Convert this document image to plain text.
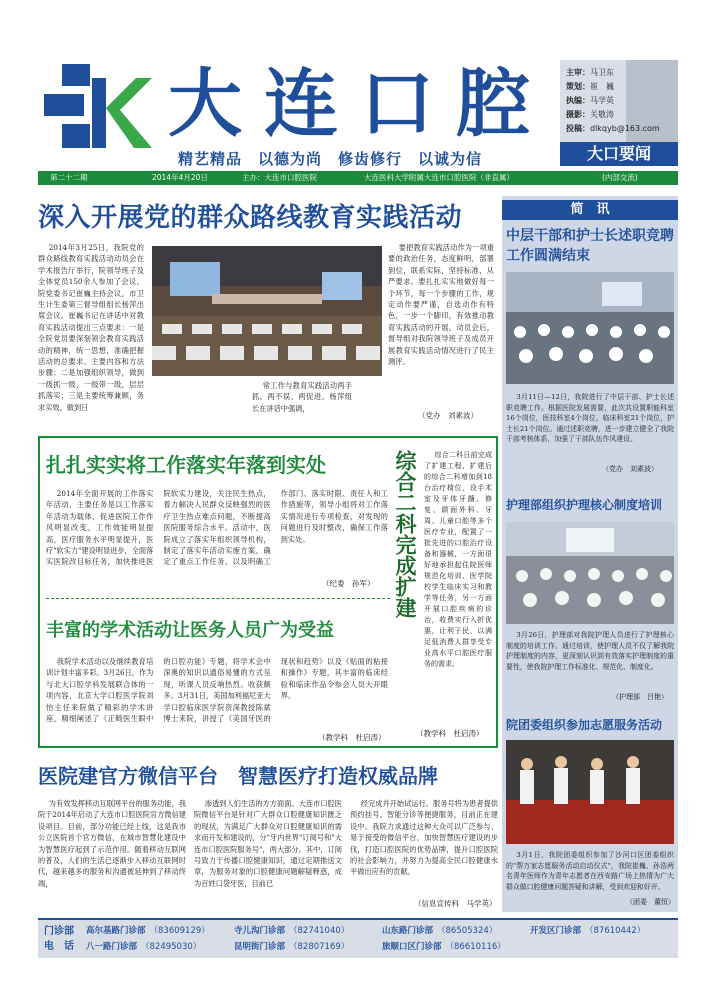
大连口腔
精艺精品　以德为尚　修齿修行　以诚为信
主审：马卫东
策划：崔　巍
执编：马学英
摄影：关敬涛
投稿：dlkqyb@163.com
大口要闻
第二十二期	2014年4月20日	主办：大连市口腔医院	大连医科大学附属大连市口腔医院（非直属）	(内部交流)
深入开展党的群众路线教育实践活动
2014年3月25日，我院党的群众路线教育实践活动动员会在学术报告厅举行，院领导班子及全体党员150余人参加了会议，院党委书记崔巍主持会议，市卫生计生委第三督导组组长杨萍出席会议。崔巍书记在讲话中对教育实践活动提出三点要求：一是全院党员要深刻领会教育实践活动的精神，统一思想，准确把握活动的总要求、主要内容和方法步骤；二是加强组织领导，做到一级抓一级，一级带一级，层层抓落实；三是主要统筹兼顾，务求实效，做到日
常工作与教育实践活动两手抓、两不误、两促进。杨萍组长在讲话中强调，
要把教育实践活动作为一项重要的政治任务，态度鲜明，部署到位，联系实际，坚持标准，从严要求。要扎扎实实地做好每一个环节，每一个步骤的工作，规定动作要严谨，自选动作有特色，一步一个脚印，有效推动教育实践活动的开展。动员会后，督导组对我院领导班子及成员开展教育实践活动情况进行了民主测评。
（党办　刘素波）
扎扎实实将工作落实年落到实处
2014年全面开展的工作落实年活动，主要任务是以工作落实年活动为载体，促进医院工作作风明显改变，工作效能明显提高，医疗服务水平明显提升，医疗"软实力"建设明显进步，全面落实医院改目标任务，加快推进医院软实力建设，关注民生热点，着力解决人民群众反映强烈的医疗卫生热点难点问题，不断提高医院服务综合水平。活动中，医院成立了落实年组织领导机构，制定了落实年活动实施方案，确定了重点工作任务，以及明确工作部门、落实时限、责任人和工作措施等，领导小组将对工作落实情况进行专项检查，对发现的问题进行及时整改，确保工作落到实处。
（纪委　孙军）
丰富的学术活动让医务人员广为受益
我院学术活动以及继续教育培训计划丰富多彩。3月26日，作为与北大口腔学科发展联合体的一项内容，北京大学口腔医学院刘怡主任来院做了精彩的学术讲座，精细阐述了《正畸医生眼中的口腔功能》专题，将学术会中深奥的知识以通俗易懂的方式呈现，听课人员反响热烈。收获颇多。3月31日，美国加利福尼亚大学口腔临床医学院资深教授陈斌博士来院，讲授了《美国牙医的现状和趋势》以及《贴面的粘接和操作》专题，其丰富的临床经验和临床作品令参会人员大开眼界。
（教学科　杜启涛）
综合二科完成扩建	综合二科日前完成了扩建工程，扩建后的综合二科增加到18台治疗椅位，设手术室及牙体牙髓、修复、颌面外科、牙周、儿童口腔等多个医疗专业，配置了一批先进的口腔治疗设备和器械，一方面很好地承担起住院医师规范化培训、医学院校学生临床实习和教学等任务，另一方面开展口腔疾病的诊治，收费实行入折优惠，让利于民，以满足低消费人群享受专业高水平口腔医疗服务的需求。
（教学科　杜启涛）
医院建官方微信平台　智慧医疗打造权威品牌
为有效发挥移动互联网平台的服务功能，我院于2014年启动了大连市口腔医院官方微信建设项目。目前，部分功能已经上线，这是我市公立医院首个官方微信，在城市智慧化建设中为智慧医疗起到了示范作用。随着移动互联网的普及，人们的生活已逐渐步入移动互联网时代，越来越多的服务和沟通被延伸到了移动终端，
渗透到人们生活的方方面面。大连市口腔医院微信平台是针对广大群众口腔健康知识匮乏的现状，为满足广大群众对口腔健康知识的需求而开发和建设的，分"牙内世界"订阅号和"大连市口腔医院服务号"，两大部分。其中，订阅号致力于传播口腔健康知识，通过定期推送文章，为服务对象的口腔健康问题解疑释惑，成为百姓口袋牙医，目前已
经完成并开始试运行。服务号将为患者提供预约挂号、智能分诊等便捷服务，目前正在建设中。我院力求通过这种大众可以广泛参与、易于接受的微信平台，加快智慧医疗建设的步伐，打造口腔医院的优势品牌，提升口腔医院的社会影响力，并努力为提高全民口腔健康水平做出应有的贡献。
（信息宣传科　马学英）
简　讯
中层干部和护士长述职竞聘工作圆满结束
3月11日—12日，我院进行了中层干部、护士长述职竞聘工作。根据医院发展需要，此次共设置职能科室16个岗位，医技科室4个岗位，临床科室21个岗位，护士长21个岗位。通过述职竞聘，进一步建立健全了我院干部考核体系，加强了干部队伍作风建设。
（党办　刘素波）
护理部组织护理核心制度培训
3月26日，护理部对我院护理人员进行了护理核心制度的培训工作。通过培训，使护理人员不仅了解我院护理制度的内容，更深刻认识到有效落实护理制度的重要性，使我院护理工作标准化、规范化、制度化。
（护理部　吕艳）
院团委组织参加志愿服务活动
3月1日，我院团委组织参加了沙河口区团委组织的"帮万家志愿服务活动启动仪式"，我院崔巍、孙浩两名青年医师作为青年志愿者在西安路广场上热情为广大群众做口腔健康问题答疑和讲解，受到欢迎和好评。
（团委　董恒）
门诊部
电　话
高尔基路门诊部 （83609129）	寺儿沟门诊部 （82741040）	山东路门诊部 （86505324）	开发区门诊部 （87610442）
八一路门诊部 （82495030）	昆明街门诊部 （82807169）	旅顺口区门诊部 （86610116）
